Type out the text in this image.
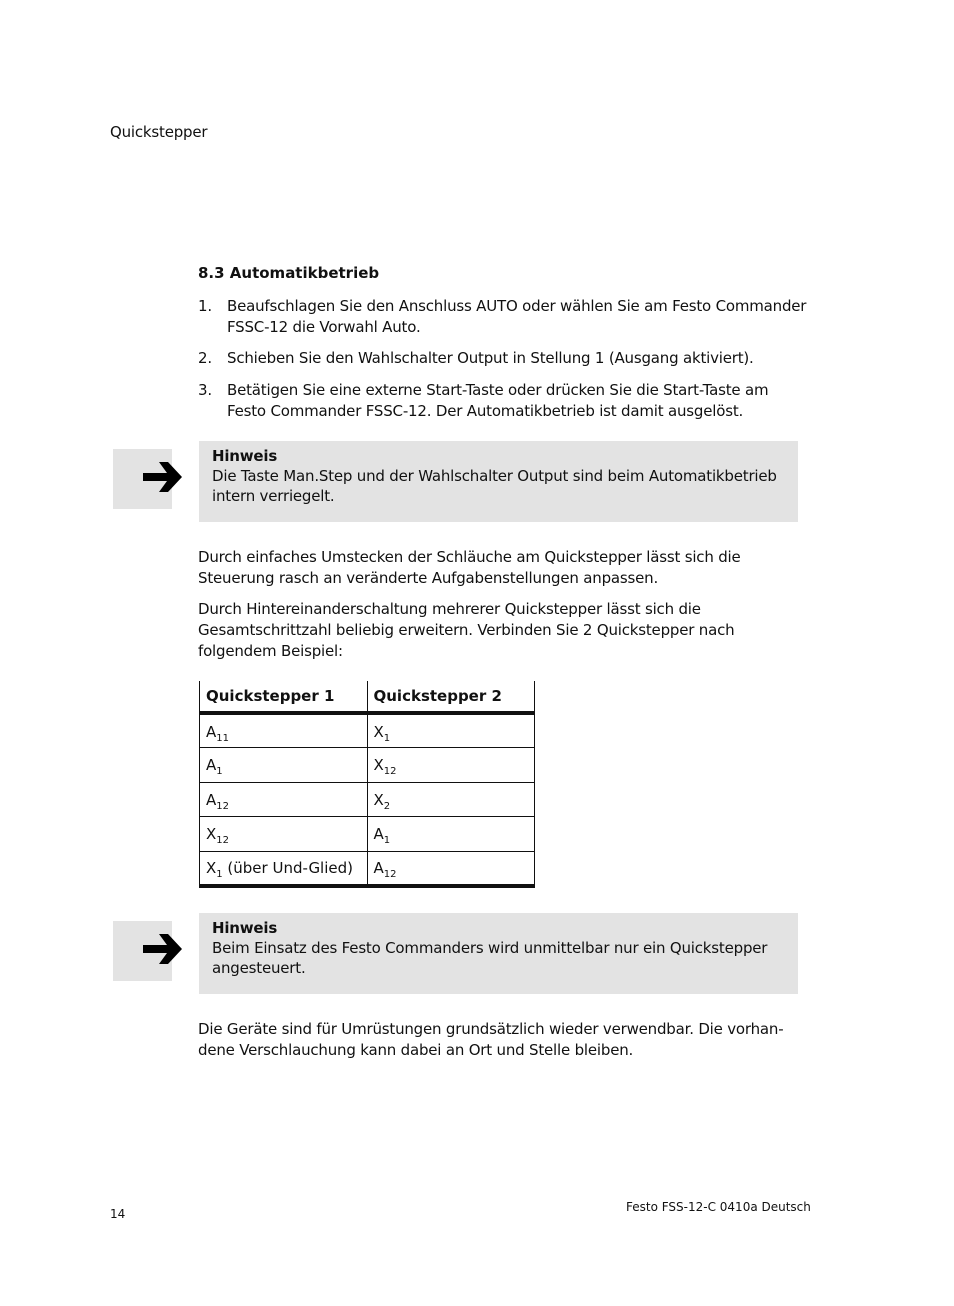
Quickstepper
8.3 Automatikbetrieb
1. Beaufschlagen Sie den Anschluss AUTO oder wählen Sie am Festo Commander FSSC-12 die Vorwahl Auto.
2. Schieben Sie den Wahlschalter Output in Stellung 1 (Ausgang aktiviert).
3. Betätigen Sie eine externe Start-Taste oder drücken Sie die Start-Taste am Festo Commander FSSC-12. Der Automatikbetrieb ist damit ausgelöst.
Hinweis
Die Taste Man.Step und der Wahlschalter Output sind beim Automatikbetrieb intern verriegelt.
Durch einfaches Umstecken der Schläuche am Quickstepper lässt sich die Steuerung rasch an veränderte Aufgabenstellungen anpassen.
Durch Hintereinanderschaltung mehrerer Quickstepper lässt sich die Gesamtschrittzahl beliebig erweitern. Verbinden Sie 2 Quickstepper nach folgendem Beispiel:
Quickstepper 1	Quickstepper 2
$A_{11}$	$X_1$
$A_1$	$X_{12}$
$A_{12}$	$X_2$
$X_{12}$	$A_1$
$X_1$ (über Und-Glied)	$A_{12}$
Hinweis
Beim Einsatz des Festo Commanders wird unmittelbar nur ein Quickstepper angesteuert.
Die Geräte sind für Umrüstungen grundsätzlich wieder verwendbar. Die vorhan-dene Verschlauchung kann dabei an Ort und Stelle bleiben.
14	Festo FSS-12-C 0410a Deutsch
